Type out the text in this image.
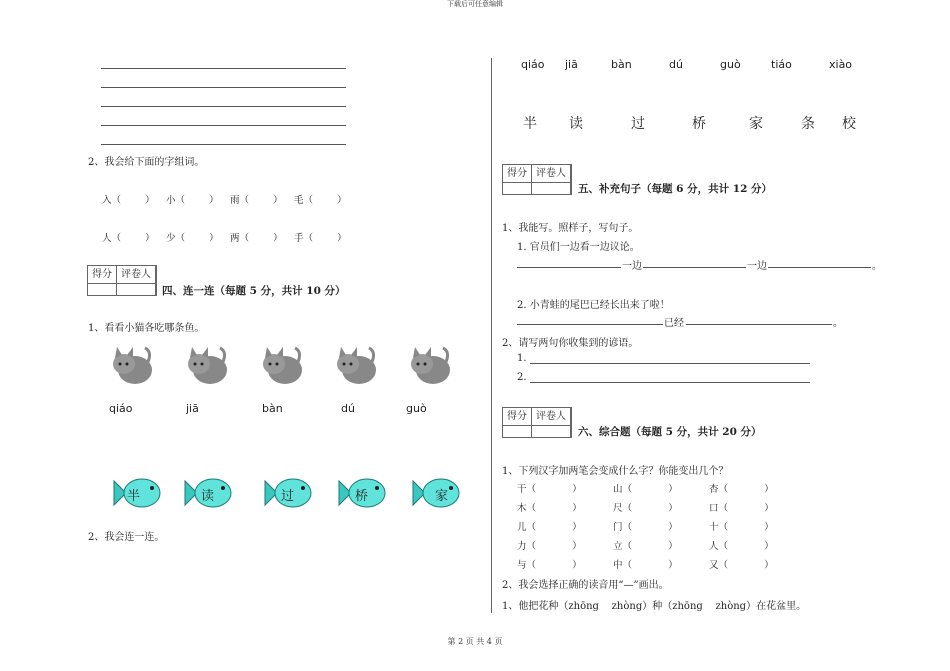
下载后可任意编辑
2、我会给下面的字组词。
入（        ）	小（        ）	雨（        ）	毛（        ）
人（        ）	少（        ）	两（        ）	手（        ）
得分 评卷人
四、连一连（每题 5 分，共计 10 分）
1、看看小猫各吃哪条鱼。
qiáo	jiā	bàn	dú	guò
半	读	过	桥	家
2、我会连一连。
qiáo jiā	bàn	dú	guò	tiáo	xiào
半 读	过	桥	家	条 校
得分 评卷人
五、补充句子（每题 6 分，共计 12 分）
1、我能写。照样子，写句子。
1. 官员们一边看一边议论。
一边	一边	。
2. 小青蛙的尾巴已经长出来了啦！
已经	。
2、请写两句你收集到的谚语。
1.
2.
得分 评卷人
六、综合题（每题 5 分，共计 20 分）
1、下列汉字加两笔会变成什么字？你能变出几个？
干（            ）	山（            ）	杏（            ）
木（            ）	尺（            ）	口（            ）
儿（            ）	门（            ）	十（            ）
力（            ）	立（            ）	人（            ）
与（            ）	中（            ）	又（            ）
2、我会选择正确的读音用“—”画出。
1、他把花种（zhōng    zhòng）种（zhōng    zhòng）在花盆里。
第 2 页 共 4 页
